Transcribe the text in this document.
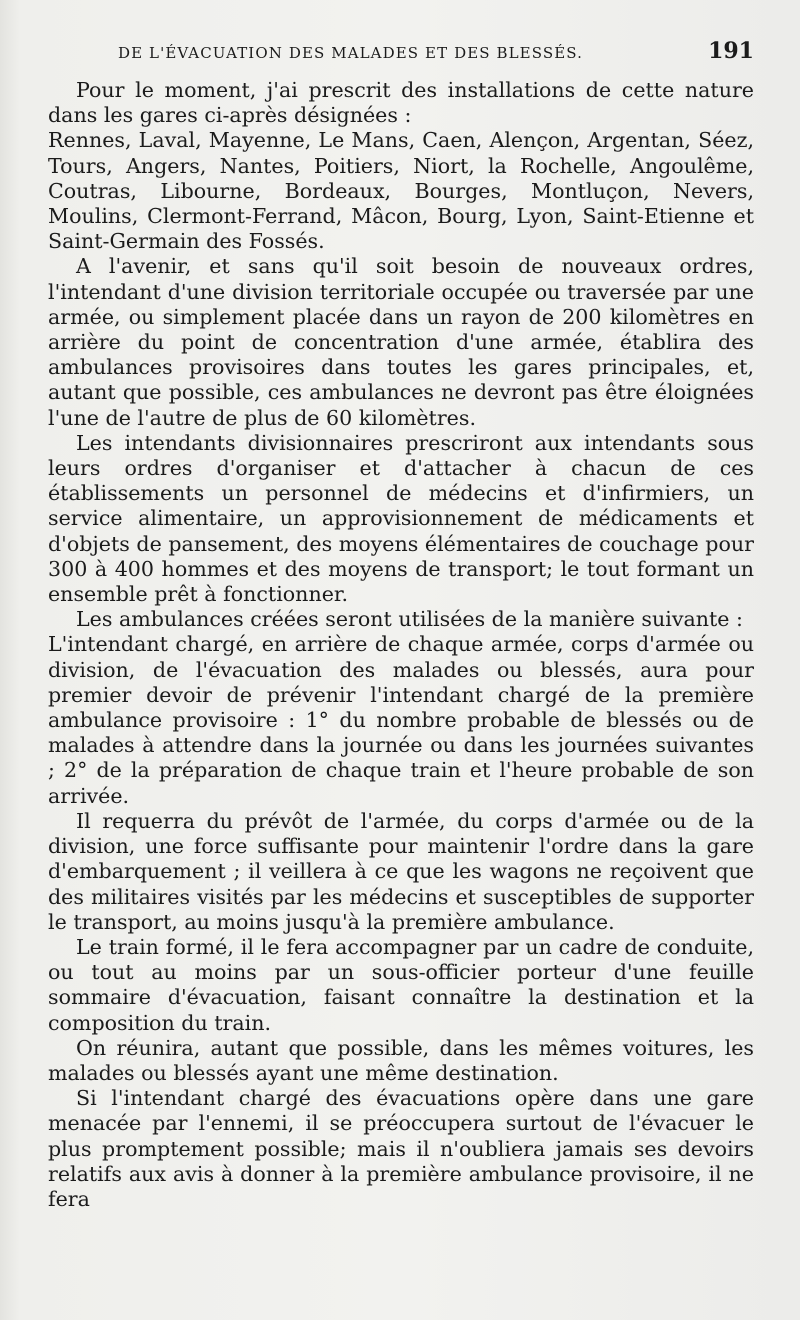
DE L'ÉVACUATION DES MALADES ET DES BLESSÉS.	191

Pour le moment, j'ai prescrit des installations de cette nature dans les gares ci-après désignées :

Rennes, Laval, Mayenne, Le Mans, Caen, Alençon, Argentan, Séez, Tours, Angers, Nantes, Poitiers, Niort, la Rochelle, Angoulême, Coutras, Libourne, Bordeaux, Bourges, Montluçon, Nevers, Moulins, Clermont-Ferrand, Mâcon, Bourg, Lyon, Saint-Etienne et Saint-Germain des Fossés.

A l'avenir, et sans qu'il soit besoin de nouveaux ordres, l'intendant d'une division territoriale occupée ou traversée par une armée, ou simplement placée dans un rayon de 200 kilomètres en arrière du point de concentration d'une armée, établira des ambulances provisoires dans toutes les gares principales, et, autant que possible, ces ambulances ne devront pas être éloignées l'une de l'autre de plus de 60 kilomètres.

Les intendants divisionnaires prescriront aux intendants sous leurs ordres d'organiser et d'attacher à chacun de ces établissements un personnel de médecins et d'infirmiers, un service alimentaire, un approvisionnement de médicaments et d'objets de pansement, des moyens élémentaires de couchage pour 300 à 400 hommes et des moyens de transport; le tout formant un ensemble prêt à fonctionner.

Les ambulances créées seront utilisées de la manière suivante :

L'intendant chargé, en arrière de chaque armée, corps d'armée ou division, de l'évacuation des malades ou blessés, aura pour premier devoir de prévenir l'intendant chargé de la première ambulance provisoire : 1° du nombre probable de blessés ou de malades à attendre dans la journée ou dans les journées suivantes ; 2° de la préparation de chaque train et l'heure probable de son arrivée.

Il requerra du prévôt de l'armée, du corps d'armée ou de la division, une force suffisante pour maintenir l'ordre dans la gare d'embarquement ; il veillera à ce que les wagons ne reçoivent que des militaires visités par les médecins et susceptibles de supporter le transport, au moins jusqu'à la première ambulance.

Le train formé, il le fera accompagner par un cadre de conduite, ou tout au moins par un sous-officier porteur d'une feuille sommaire d'évacuation, faisant connaître la destination et la composition du train.

On réunira, autant que possible, dans les mêmes voitures, les malades ou blessés ayant une même destination.

Si l'intendant chargé des évacuations opère dans une gare menacée par l'ennemi, il se préoccupera surtout de l'évacuer le plus promptement possible; mais il n'oubliera jamais ses devoirs relatifs aux avis à donner à la première ambulance provisoire, il ne fera
